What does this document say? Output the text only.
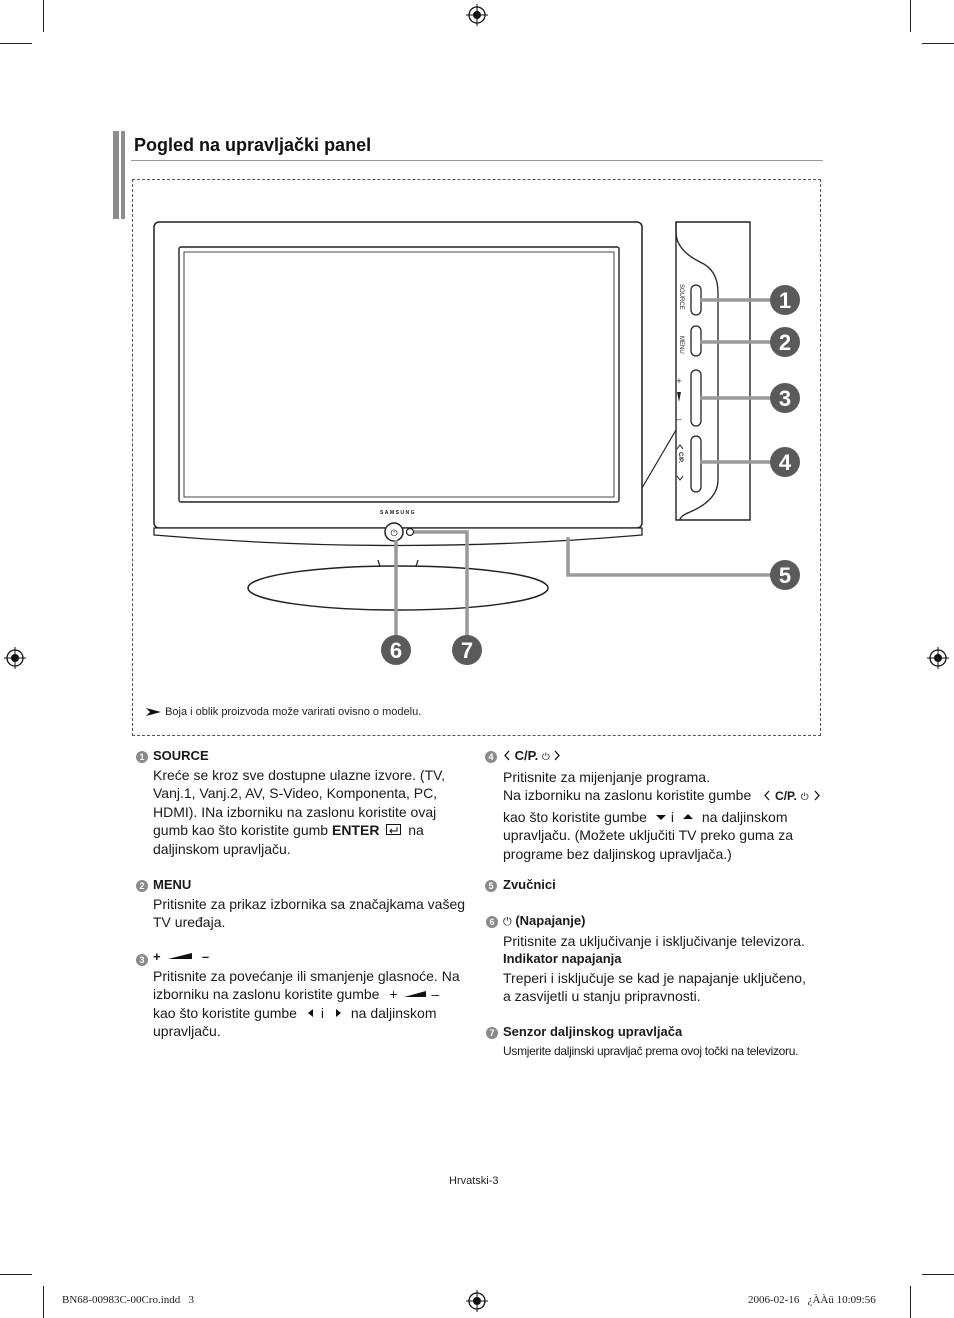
Pogled na upravljački panel
SAMSUNG
⏻
SOURCE
MENU
+
–
C/P.
1
2
3
4
5
6	7
Boja i oblik proizvoda može varirati ovisno o modelu.
1 SOURCE
Kreće se kroz sve dostupne ulazne izvore. (TV,
Vanj.1, Vanj.2, AV, S-Video, Komponenta, PC,
HDMI). INa izborniku na zaslonu koristite ovaj
gumb kao što koristite gumb ENTER  na
daljinskom upravljaču.
2 MENU
Pritisnite za prikaz izbornika sa značajkama vašeg
TV uređaja.
3 +	–
Pritisnite za povećanje ili smanjenje glasnoće. Na
izborniku na zaslonu koristite gumbe + –
kao što koristite gumbe i na daljinskom
upravljaču.
4	C/P. ⏻
Pritisnite za mijenjanje programa.
Na izborniku na zaslonu koristite gumbe C/P. ⏻
kao što koristite gumbe i na daljinskom
upravljaču. (Možete uključiti TV preko guma za
programe bez daljinskog upravljača.)
5 Zvučnici
6 ⏻ (Napajanje)
Pritisnite za uključivanje i isključivanje televizora.
Indikator napajanja
Treperi i isključuje se kad je napajanje uključeno,
a zasvijetli u stanju pripravnosti.
7 Senzor daljinskog upravljača
Usmjerite daljinski upravljač prema ovoj točki na televizoru.
Hrvatski-3
BN68-00983C-00Cro.indd   3	2006-02-16   ¿ÀÀü 10:09:56
